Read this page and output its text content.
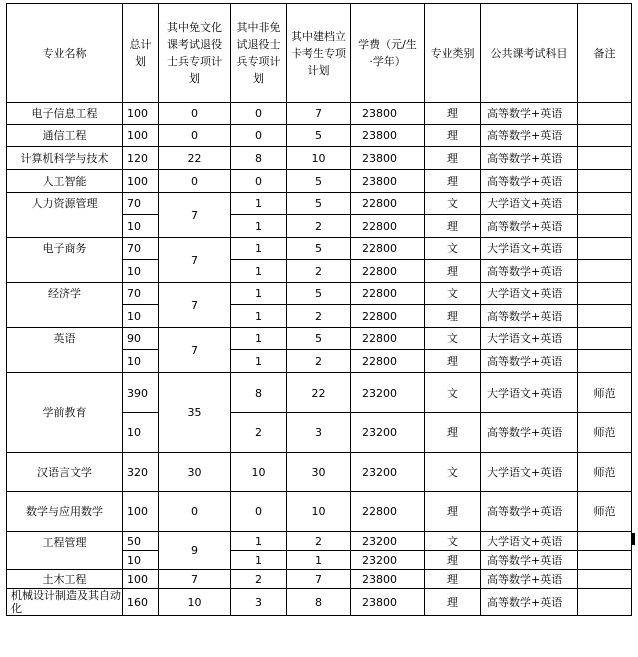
专业名称	总计划	其中免文化课考试退役士兵专项计划	其中非免试退役士兵专项计划	其中建档立卡考生专项计划	学费（元/生 ·学年）	专业类别	公共课考试科目	备注
电子信息工程	100	0	0	7	23800	理	高等数学+英语	
通信工程	100	0	0	5	23800	理	高等数学+英语	
计算机科学与技术	120	22	8	10	23800	理	高等数学+英语	
人工智能	100	0	0	5	23800	理	高等数学+英语	
人力资源管理	70	7	1	5	22800	文	大学语文+英语	
	10		1	2	22800	理	高等数学+英语	
电子商务	70	7	1	5	22800	文	大学语文+英语	
	10		1	2	22800	理	高等数学+英语	
经济学	70	7	1	5	22800	文	大学语文+英语	
	10		1	2	22800	理	高等数学+英语	
英语	90	7	1	5	22800	文	大学语文+英语	
	10		1	2	22800	理	高等数学+英语	
学前教育	390	35	8	22	23200	文	大学语文+英语	师范
	10		2	3	23200	理	高等数学+英语	师范
汉语言文学	320	30	10	30	23200	文	大学语文+英语	师范
数学与应用数学	100	0	0	10	22800	理	高等数学+英语	师范
工程管理	50	9	1	2	23200	文	大学语文+英语	
	10		1	1	23200	理	高等数学+英语	
土木工程	100	7	2	7	23800	理	高等数学+英语	
机械设计制造及其自动化	160	10	3	8	23800	理	高等数学+英语	
